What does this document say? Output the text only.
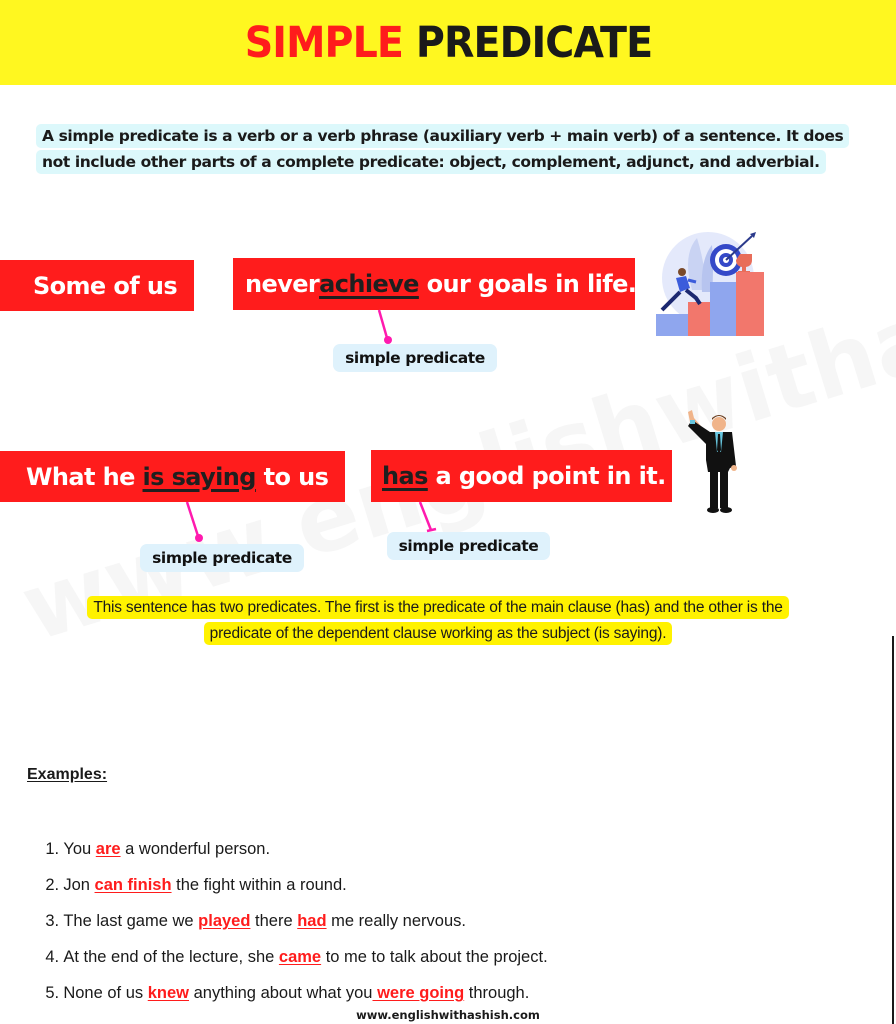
SIMPLE PREDICATE
A simple predicate is a verb or a verb phrase (auxiliary verb + main verb) of a sentence. It does not include other parts of a complete predicate: object, complement, adjunct, and adverbial.
Some of us	never achieve our goals in life.
simple predicate
What he is saying to us has a good point in it.
simple predicate
simple predicate
This sentence has two predicates. The first is the predicate of the main clause (has) and the other is the predicate of the dependent clause working as the subject (is saying).
Examples:

1. You are a wonderful person.

2. Jon can finish the fight within a round.

3. The last game we played there had me really nervous.

4. At the end of the lecture, she came to me to talk about the project.

5. None of us knew anything about what you were going through.

www.englishwithashish.com
